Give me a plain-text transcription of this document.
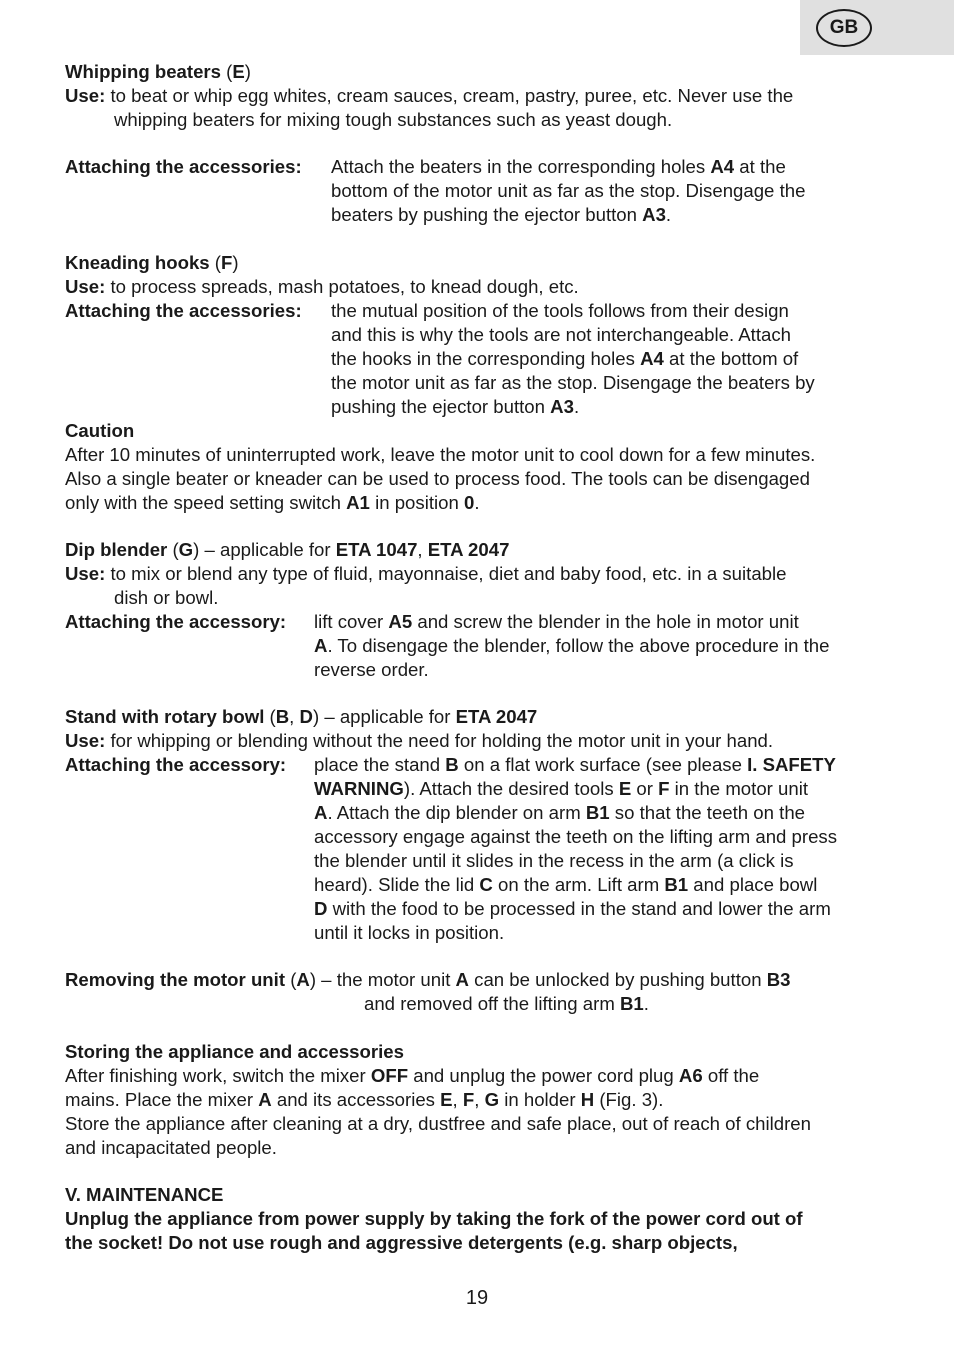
GB
Whipping beaters (E)
Use: to beat or whip egg whites, cream sauces, cream, pastry, puree, etc. Never use the
whipping beaters for mixing tough substances such as yeast dough.
Attaching the accessories: Attach the beaters in the corresponding holes A4 at the
bottom of the motor unit as far as the stop. Disengage the
beaters by pushing the ejector button A3.
Kneading hooks (F)
Use: to process spreads, mash potatoes, to knead dough, etc.
Attaching the accessories: the mutual position of the tools follows from their design
and this is why the tools are not interchangeable. Attach
the hooks in the corresponding holes A4 at the bottom of
the motor unit as far as the stop. Disengage the beaters by
pushing the ejector button A3.
Caution
After 10 minutes of uninterrupted work, leave the motor unit to cool down for a few minutes.
Also a single beater or kneader can be used to process food. The tools can be disengaged
only with the speed setting switch A1 in position 0.
Dip blender (G) – applicable for ETA 1047, ETA 2047
Use: to mix or blend any type of fluid, mayonnaise, diet and baby food, etc. in a suitable
dish or bowl.
Attaching the accessory: lift cover A5 and screw the blender in the hole in motor unit
A. To disengage the blender, follow the above procedure in the
reverse order.
Stand with rotary bowl (B, D) – applicable for ETA 2047
Use: for whipping or blending without the need for holding the motor unit in your hand.
Attaching the accessory: place the stand B on a flat work surface (see please I. SAFETY
WARNING). Attach the desired tools E or F in the motor unit
A. Attach the dip blender on arm B1 so that the teeth on the
accessory engage against the teeth on the lifting arm and press
the blender until it slides in the recess in the arm (a click is
heard). Slide the lid C on the arm. Lift arm B1 and place bowl
D with the food to be processed in the stand and lower the arm
until it locks in position.
Removing the motor unit (A) – the motor unit A can be unlocked by pushing button B3
and removed off the lifting arm B1.
Storing the appliance and accessories
After finishing work, switch the mixer OFF and unplug the power cord plug A6 off the
mains. Place the mixer A and its accessories E, F, G in holder H (Fig. 3).
Store the appliance after cleaning at a dry, dustfree and safe place, out of reach of children
and incapacitated people.
V. MAINTENANCE
Unplug the appliance from power supply by taking the fork of the power cord out of
the socket! Do not use rough and aggressive detergents (e.g. sharp objects,
19
